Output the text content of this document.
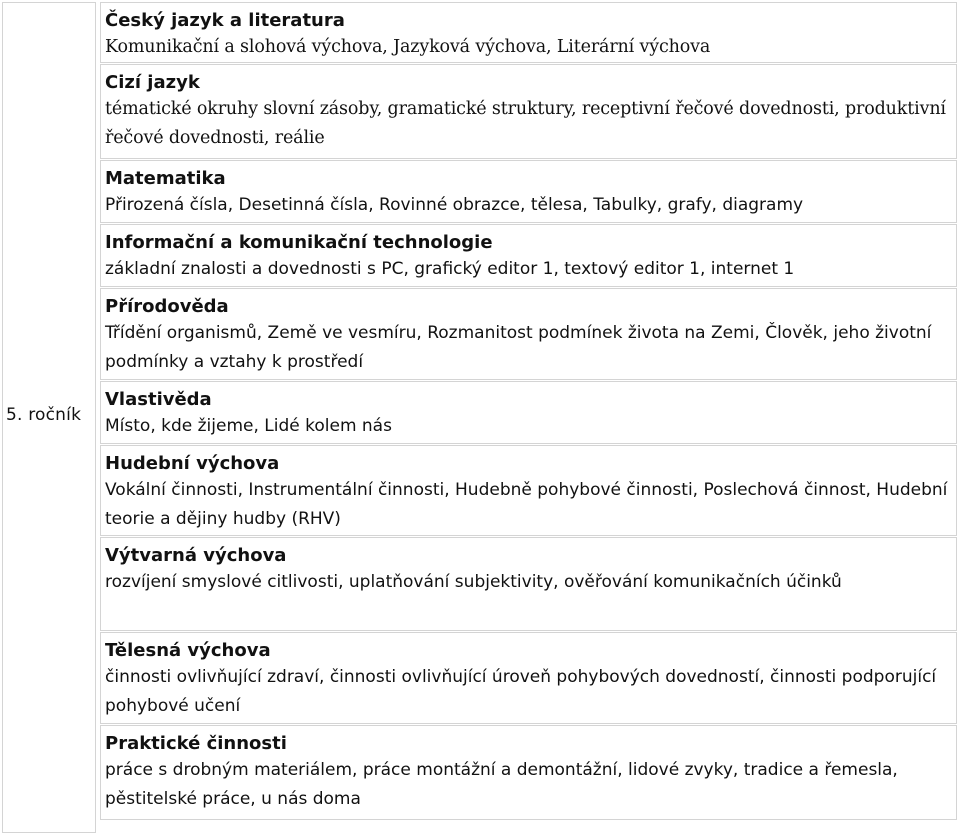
5. ročník
Český jazyk a literatura
Komunikační a slohová výchova, Jazyková výchova, Literární výchova
Cizí jazyk
tématické okruhy slovní zásoby, gramatické struktury, receptivní řečové dovednosti, produktivní řečové dovednosti, reálie
Matematika
Přirozená čísla, Desetinná čísla, Rovinné obrazce, tělesa, Tabulky, grafy, diagramy
Informační a komunikační technologie
základní znalosti a dovednosti s PC, grafický editor 1, textový editor 1, internet 1
Přírodověda
Třídění organismů, Země ve vesmíru, Rozmanitost podmínek života na Zemi, Člověk, jeho životní podmínky a vztahy k prostředí
Vlastivěda
Místo, kde žijeme, Lidé kolem nás
Hudební výchova
Vokální činnosti, Instrumentální činnosti, Hudebně pohybové činnosti, Poslechová činnost, Hudební teorie a dějiny hudby (RHV)
Výtvarná výchova
rozvíjení smyslové citlivosti, uplatňování subjektivity, ověřování komunikačních účinků
Tělesná výchova
činnosti ovlivňující zdraví, činnosti ovlivňující úroveň pohybových dovedností, činnosti podporující pohybové učení
Praktické činnosti
práce s drobným materiálem, práce montážní a demontážní, lidové zvyky, tradice a řemesla, pěstitelské práce, u nás doma
